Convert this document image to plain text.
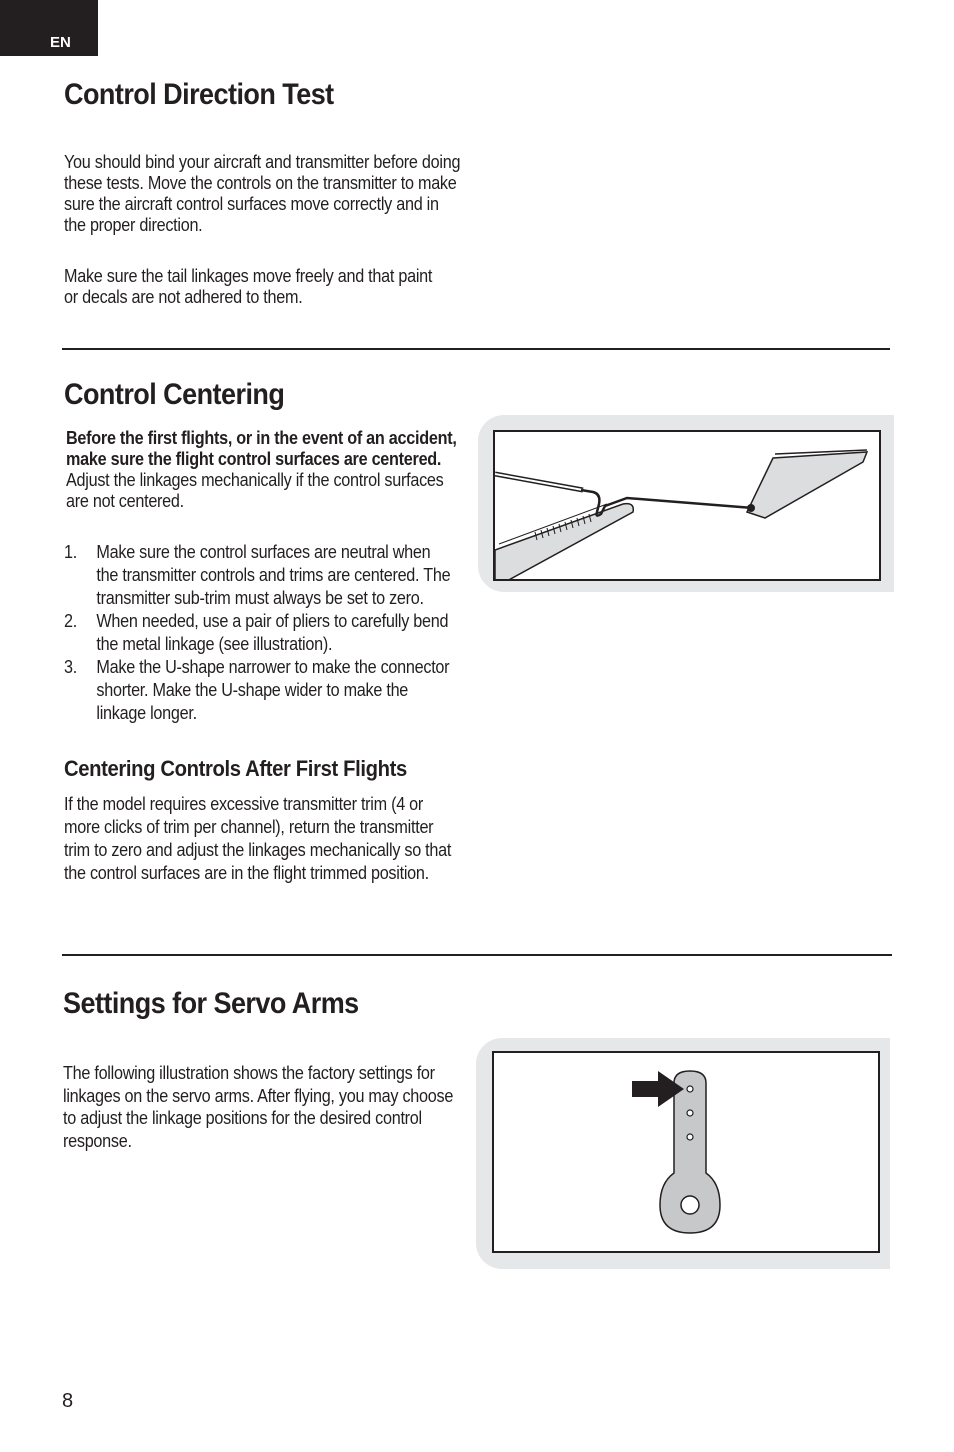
EN
Control Direction Test

You should bind your aircraft and transmitter before doing these tests. Move the controls on the transmitter to make sure the aircraft control surfaces move correctly and in the proper direction.

Make sure the tail linkages move freely and that paint or decals are not adhered to them.

Control Centering

Before the first flights, or in the event of an accident, make sure the flight control surfaces are centered. Adjust the linkages mechanically if the control surfaces are not centered.

1. Make sure the control surfaces are neutral when the transmitter controls and trims are centered. The transmitter sub-trim must always be set to zero.
2. When needed, use a pair of pliers to carefully bend the metal linkage (see illustration).
3. Make the U-shape narrower to make the connector shorter. Make the U-shape wider to make the linkage longer.
Centering Controls After First Flights

If the model requires excessive transmitter trim (4 or more clicks of trim per channel), return the transmitter trim to zero and adjust the linkages mechanically so that the control surfaces are in the flight trimmed position.

Settings for Servo Arms

The following illustration shows the factory settings for linkages on the servo arms. After flying, you may choose to adjust the linkage positions for the desired control response.

8
